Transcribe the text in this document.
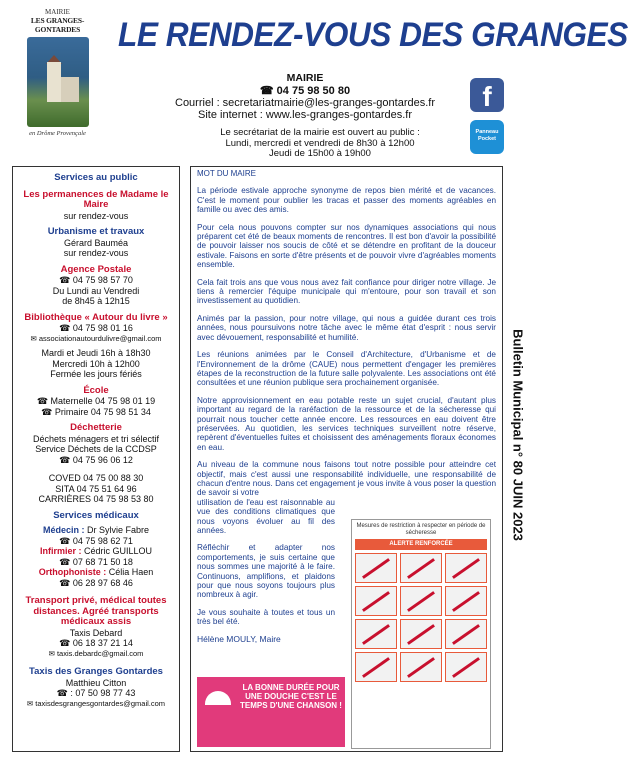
MAIRIE
LES GRANGES-GONTARDES
en Drôme Provençale
LE RENDEZ-VOUS DES GRANGES
MAIRIE
☎ 04 75 98 50 80
Courriel : secretariatmairie@les-granges-gontardes.fr
Site internet : www.les-granges-gontardes.fr
f
Panneau Pocket
Le secrétariat de la mairie est ouvert au public :
Lundi, mercredi et vendredi de 8h30 à 12h00
Jeudi de 15h00 à 19h00
Services au public
Les permanences de Madame le Maire
sur rendez-vous
Urbanisme et travaux
Gérard Bauméa
sur rendez-vous
Agence Postale
☎ 04 75 98 57 70
Du Lundi au Vendredi
de 8h45 à 12h15
Bibliothèque « Autour du livre »
☎ 04 75 98 01 16
✉ associationautourdulivre@gmail.com
Mardi et Jeudi 16h à 18h30
Mercredi 10h à 12h00
Fermée les jours fériés
École
☎ Maternelle 04 75 98 01 19
☎ Primaire 04 75 98 51 34
Déchetterie
Déchets ménagers et tri sélectif
Service Déchets de la CCDSP
☎ 04 75 96 06 12
COVED 04 75 00 88 30
SITA 04 75 51 64 96
CARRIÈRES 04 75 98 53 80
Services médicaux
Médecin : Dr Sylvie Fabre
☎ 04 75 98 62 71
Infirmier : Cédric GUILLOU
☎ 07 68 71 50 18
Orthophoniste : Célia Haen
☎ 06 28 97 68 46
Transport privé, médical toutes distances. Agréé transports médicaux assis
Taxis Debard
☎ 06 18 37 21 14
✉ taxis.debardc@gmail.com
Taxis des Granges Gontardes
Matthieu Citton
☎ : 07 50 98 77 43
✉ taxisdesgrangesgontardes@gmail.com
MOT DU MAIRE

La période estivale approche synonyme de repos bien mérité et de vacances. C'est le moment pour oublier les tracas et passer des moments agréables en famille ou avec des amis.

Pour cela nous pouvons compter sur nos dynamiques associations qui nous préparent cet été de beaux moments de rencontres. Il est bon d'avoir la possibilité de pouvoir laisser nos soucis de côté et se détendre en profitant de la douceur estivale. Faisons en sorte d'être présents et de pouvoir vivre d'agréables moments ensemble.

Cela fait trois ans que vous nous avez fait confiance pour diriger notre village. Je tiens à remercier l'équipe municipale qui m'entoure, pour son travail et son investissement au quotidien.

Animés par la passion, pour notre village, qui nous a guidée durant ces trois années, nous poursuivons notre tâche avec le même état d'esprit : nous servir avec dévouement, responsabilité et humilité.

Les réunions animées par le Conseil d'Architecture, d'Urbanisme et de l'Environnement de la drôme (CAUE) nous permettent d'engager les premières étapes de la reconstruction de la future salle polyvalente. Les associations ont été consultées et une réunion publique sera prochainement organisée.

Notre approvisionnement en eau potable reste un sujet crucial, d'autant plus important au regard de la raréfaction de la ressource et de la sécheresse qui pourrait nous toucher cette année encore. Les ressources en eau doivent être préservées. Au quotidien, les services techniques surveillent notre réserve, repèrent d'éventuelles fuites et choisissent des aménagements floraux économes en eau.

Au niveau de la commune nous faisons tout notre possible pour atteindre cet objectif, mais c'est aussi une responsabilité individuelle, une responsabilité de chacun d'entre nous. Dans cet engagement je vous invite à vous poser la question de savoir si votre

utilisation de l'eau est raisonnable au vue des conditions climatiques que nous voyons évoluer au fil des années.

Réfléchir et adapter nos comportements, je suis certaine que nous sommes une majorité à le faire. Continuons, amplifions, et plaidons pour que nous soyons toujours plus nombreux à agir.

Je vous souhaite à toutes et tous un très bel été.

Hélène MOULY, Maire

Mesures de restriction à respecter en période de sécheresse
ALERTE RENFORCÉE
LA BONNE DURÉE POUR UNE DOUCHE C'EST LE TEMPS D'UNE CHANSON !
Bulletin Municipal n° 80 JUIN 2023
